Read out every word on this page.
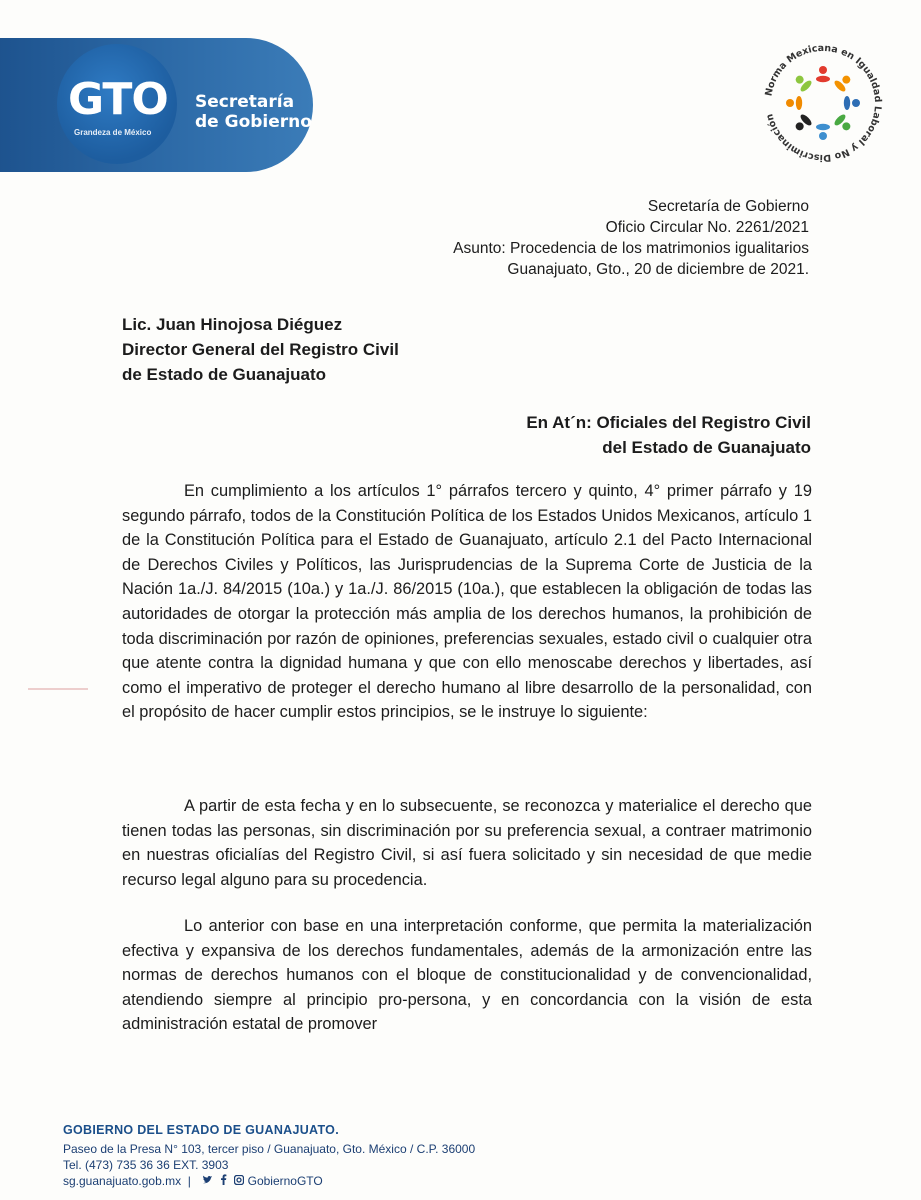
GTO
Grandeza de México
Secretaría de Gobierno
Norma Mexicana en Igualdad Laboral y No Discriminación
Secretaría de Gobierno
Oficio Circular No. 2261/2021
Asunto: Procedencia de los matrimonios igualitarios
Guanajuato, Gto., 20 de diciembre de 2021.
Lic. Juan Hinojosa Diéguez
Director General del Registro Civil
de Estado de Guanajuato
En At´n: Oficiales del Registro Civil
del Estado de Guanajuato

En cumplimiento a los artículos 1° párrafos tercero y quinto, 4° primer párrafo y 19 segundo párrafo, todos de la Constitución Política de los Estados Unidos Mexicanos, artículo 1 de la Constitución Política para el Estado de Guanajuato, artículo 2.1 del Pacto Internacional de Derechos Civiles y Políticos, las Jurisprudencias de la Suprema Corte de Justicia de la Nación 1a./J. 84/2015 (10a.) y 1a./J. 86/2015 (10a.), que establecen la obligación de todas las autoridades de otorgar la protección más amplia de los derechos humanos, la prohibición de toda discriminación por razón de opiniones, preferencias sexuales, estado civil o cualquier otra que atente contra la dignidad humana y que con ello menoscabe derechos y libertades, así como el imperativo de proteger el derecho humano al libre desarrollo de la personalidad, con el propósito de hacer cumplir estos principios, se le instruye lo siguiente:

A partir de esta fecha y en lo subsecuente, se reconozca y materialice el derecho que tienen todas las personas, sin discriminación por su preferencia sexual, a contraer matrimonio en nuestras oficialías del Registro Civil, si así fuera solicitado y sin necesidad de que medie recurso legal alguno para su procedencia.

Lo anterior con base en una interpretación conforme, que permita la materialización efectiva y expansiva de los derechos fundamentales, además de la armonización entre las normas de derechos humanos con el bloque de constitucionalidad y de convencionalidad, atendiendo siempre al principio pro-persona, y en concordancia con la visión de esta administración estatal de promover

GOBIERNO DEL ESTADO DE GUANAJUATO.
Paseo de la Presa N° 103, tercer piso / Guanajuato, Gto. México / C.P. 36000
Tel. (473) 735 36 36 EXT. 3903
sg.guanajuato.gob.mx  |	GobiernoGTO
